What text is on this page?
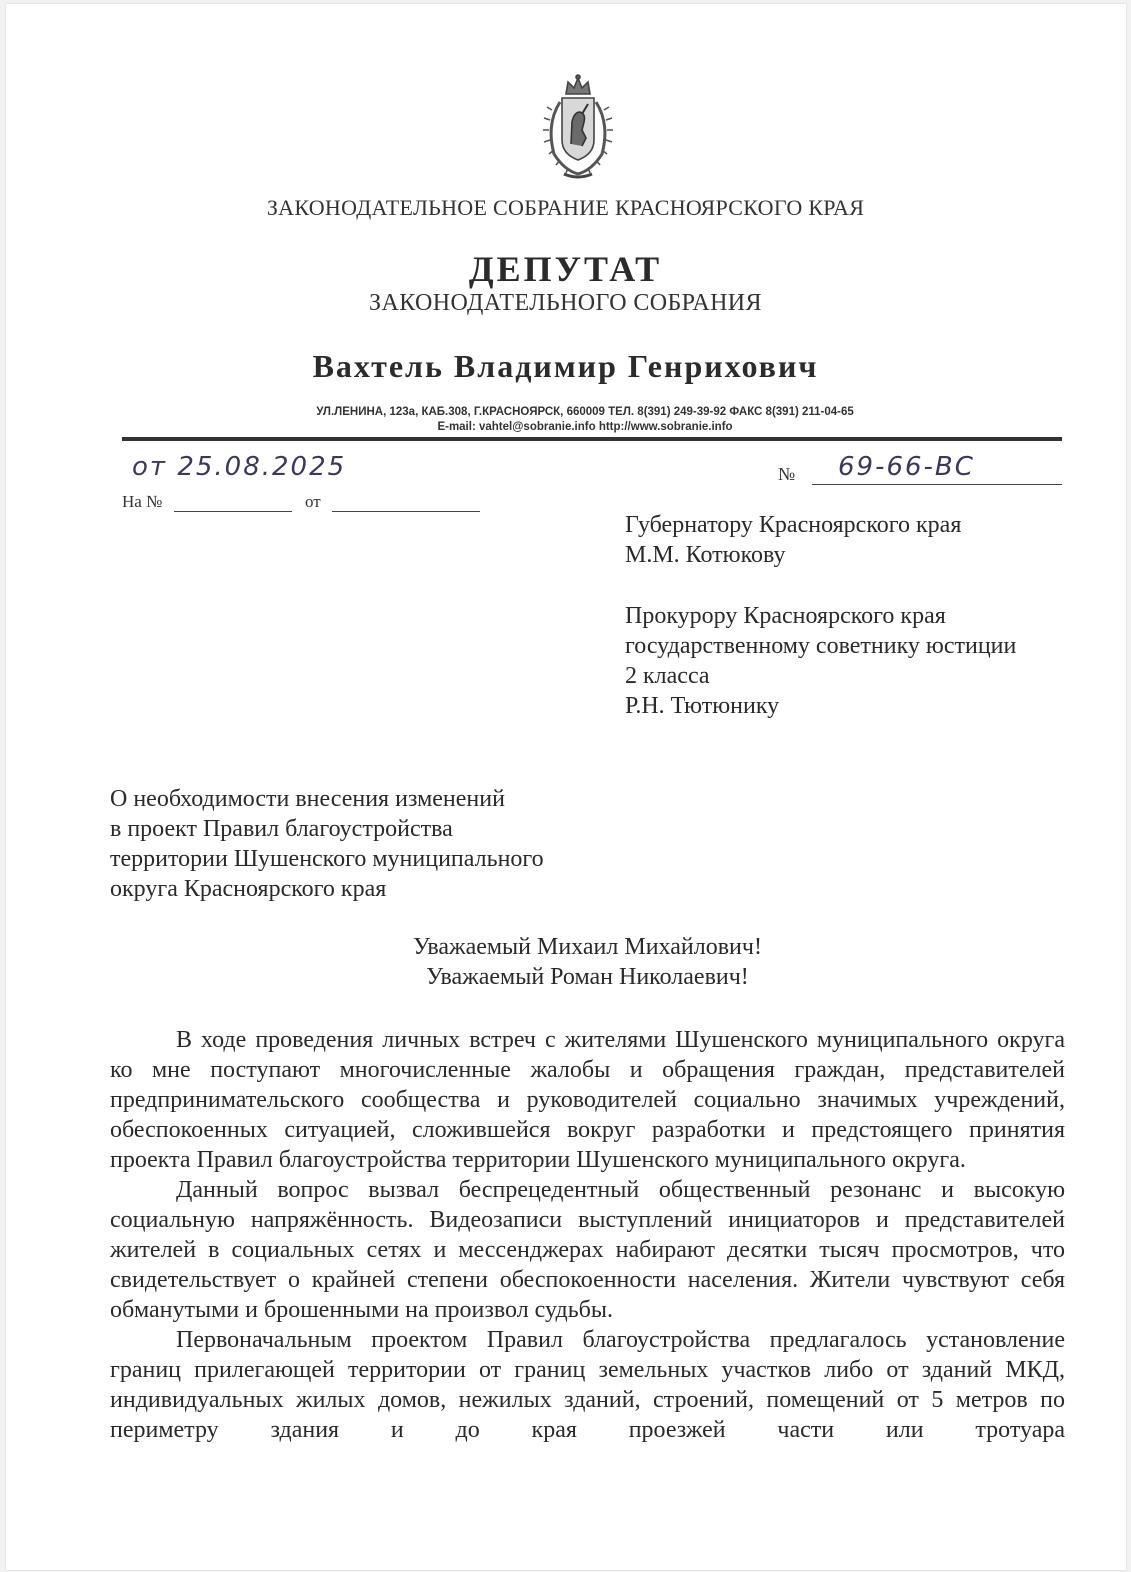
ЗАКОНОДАТЕЛЬНОЕ СОБРАНИЕ КРАСНОЯРСКОГО КРАЯ
ДЕПУТАТ
ЗАКОНОДАТЕЛЬНОГО СОБРАНИЯ
Вахтель Владимир Генрихович
УЛ.ЛЕНИНА, 123а, КАБ.308, Г.КРАСНОЯРСК, 660009 ТЕЛ. 8(391) 249-39-92 ФАКС 8(391) 211-04-65
E-mail: vahtel@sobranie.info http://www.sobranie.info
от 25.08.2025	№ 69-66-ВС
На №	от
Губернатору Красноярского края
М.М. Котюкову
Прокурору Красноярского края
государственному советнику юстиции
2 класса
Р.Н. Тютюнику
О необходимости внесения изменений
в проект Правил благоустройства
территории Шушенского муниципального
округа Красноярского края
Уважаемый Михаил Михайлович!
Уважаемый Роман Николаевич!

В ходе проведения личных встреч с жителями Шушенского муниципального округа ко мне поступают многочисленные жалобы и обращения граждан, представителей предпринимательского сообщества и руководителей социально значимых учреждений, обеспокоенных ситуацией, сложившейся вокруг разработки и предстоящего принятия проекта Правил благоустройства территории Шушенского муниципального округа.

Данный вопрос вызвал беспрецедентный общественный резонанс и высокую социальную напряжённость. Видеозаписи выступлений инициаторов и представителей жителей в социальных сетях и мессенджерах набирают десятки тысяч просмотров, что свидетельствует о крайней степени обеспокоенности населения. Жители чувствуют себя обманутыми и брошенными на произвол судьбы.

Первоначальным проектом Правил благоустройства предлагалось установление границ прилегающей территории от границ земельных участков либо от зданий МКД, индивидуальных жилых домов, нежилых зданий, строений, помещений от 5 метров по периметру здания и до края проезжей части или тротуара
